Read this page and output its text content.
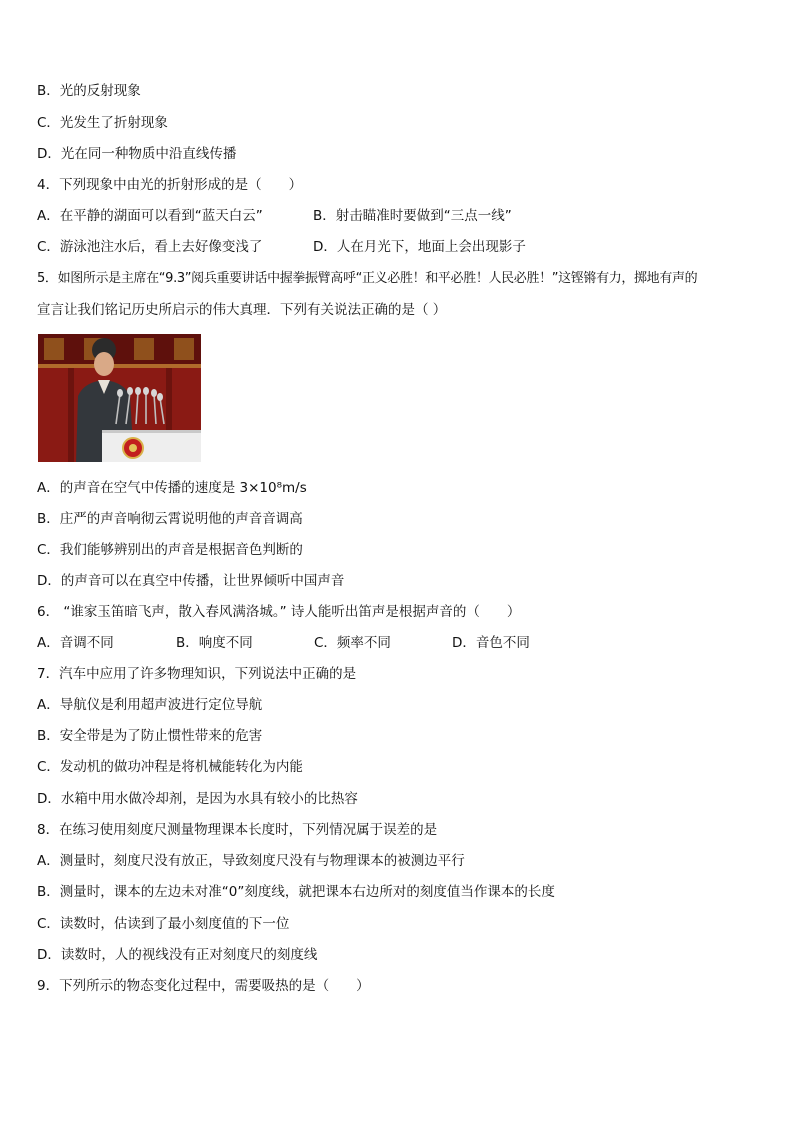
B．光的反射现象
C．光发生了折射现象
D．光在同一种物质中沿直线传播
4．下列现象中由光的折射形成的是（　　）
A．在平静的湖面可以看到“蓝天白云”	B．射击瞄准时要做到“三点一线”
C．游泳池注水后，看上去好像变浅了	D．人在月光下，地面上会出现影子
5．如图所示是主席在“9.3”阅兵重要讲话中握拳振臂高呼“正义必胜！和平必胜！人民必胜！”这铿锵有力，掷地有声的
宣言让我们铭记历史所启示的伟大真理．下列有关说法正确的是（ ）
A．的声音在空气中传播的速度是 3×10⁸m/s
B．庄严的声音响彻云霄说明他的声音音调高
C．我们能够辨别出的声音是根据音色判断的
D．的声音可以在真空中传播，让世界倾听中国声音
6． “谁家玉笛暗飞声，散入春风满洛城。” 诗人能听出笛声是根据声音的（　　）
A．音调不同	B．响度不同	C．频率不同	D．音色不同
7．汽车中应用了许多物理知识，下列说法中正确的是
A．导航仪是利用超声波进行定位导航
B．安全带是为了防止惯性带来的危害
C．发动机的做功冲程是将机械能转化为内能
D．水箱中用水做冷却剂，是因为水具有较小的比热容
8．在练习使用刻度尺测量物理课本长度时，下列情况属于误差的是
A．测量时，刻度尺没有放正，导致刻度尺没有与物理课本的被测边平行
B．测量时，课本的左边未对准“0”刻度线，就把课本右边所对的刻度值当作课本的长度
C．读数时，估读到了最小刻度值的下一位
D．读数时，人的视线没有正对刻度尺的刻度线
9．下列所示的物态变化过程中，需要吸热的是（　　）
